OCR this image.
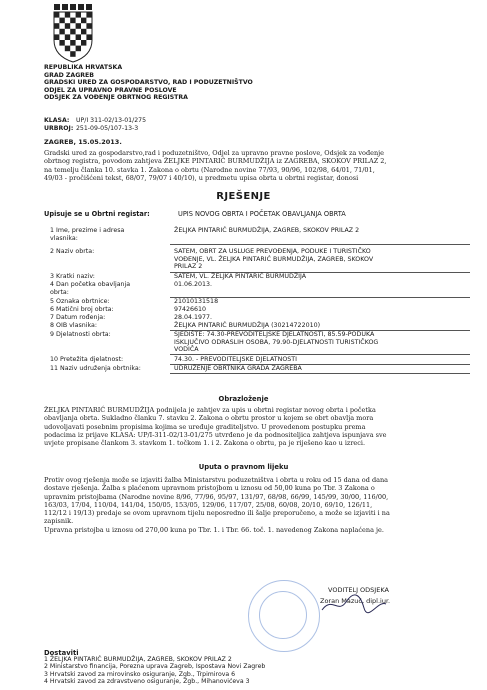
REPUBLIKA HRVATSKA
GRAD ZAGREB
GRADSKI URED ZA GOSPODARSTVO, RAD I PODUZETNIŠTVO
ODJEL ZA UPRAVNO PRAVNE POSLOVE
ODSJEK ZA VOĐENJE OBRTNOG REGISTRA
KLASA: UP/I 311-02/13-01/275
URBROJ: 251-09-05/107-13-3
ZAGREB, 15.05.2013.
Gradski ured za gospodarstvo,rad i poduzetništvo, Odjel za upravno pravne poslove, Odsjek za vođenje
obrtnog registra, povodom zahtjeva ŽELJKE PINTARIĆ BURMUDŽIJA iz ZAGREBA, SKOKOV PRILAZ 2,
na temelju članka 10. stavka 1. Zakona o obrtu (Narodne novine 77/93, 90/96, 102/98, 64/01, 71/01,
49/03 - pročišćeni tekst, 68/07, 79/07 i 40/10), u predmetu upisa obrta u obrtni registar, donosi
RJEŠENJE
Upisuje se u Obrtni registar:	UPIS NOVOG OBRTA I POČETAK OBAVLJANJA OBRTA
1 Ime, prezime i adresa
vlasnika:
ŽELJKA PINTARIĆ BURMUDŽIJA, ZAGREB, SKOKOV PRILAZ 2
2 Naziv obrta:	SATEM, OBRT ZA USLUGE PREVOĐENJA, PODUKE I TURISTIČKO
VOĐENJE, VL. ŽELJKA PINTARIĆ BURMUDŽIJA, ZAGREB, SKOKOV
PRILAZ 2
3 Kratki naziv:	SATEM, VL. ŽELJKA PINTARIĆ BURMUDŽIJA
4 Dan početka obavljanja
obrta:
01.06.2013.
5 Oznaka obrtnice:	21010131518
6 Matični broj obrta:	97426610
7 Datum rođenja:	28.04.1977.
8 OIB vlasnika:	ŽELJKA PINTARIĆ BURMUDŽIJA (30214722010)
9 Djelatnosti obrta:	SJEDIŠTE: 74.30-PREVODITELJSKE DJELATNOSTI, 85.59-PODUKA
ISKLJUČIVO ODRASLIH OSOBA, 79.90-DJELATNOSTI TURISTIČKOG
VODIČA
10 Pretežita djelatnost:	74.30. - PREVODITELJSKE DJELATNOSTI
11 Naziv udruženja obrtnika:	UDRUŽENJE OBRTNIKA GRADA ZAGREBA
Obrazloženje
ŽELJKA PINTARIĆ BURMUDŽIJA podnijela je zahtjev za upis u obrtni registar novog obrta i početka
obavljanja obrta. Sukladno članku 7. stavku 2. Zakona o obrtu prostor u kojem se obrt obavlja mora
udovoljavati posebnim propisima kojima se uređuje graditeljstvo. U provedenom postupku prema
podacima iz prijave KLASA: UP/I-311-02/13-01/275 utvrđeno je da podnositeljica zahtjeva ispunjava sve
uvjete propisane člankom 3. stavkom 1. točkom 1. i 2. Zakona o obrtu, pa je riješeno kao u izreci.
Uputa o pravnom lijeku
Protiv ovog rješenja može se izjaviti žalba Ministarstvu poduzetništva i obrta u roku od 15 dana od dana
dostave rješenja. Žalba s plaćenom upravnom pristojbom u iznosu od 50,00 kuna po Tbr. 3 Zakona o
upravnim pristojbama (Narodne novine 8/96, 77/96, 95/97, 131/97, 68/98, 66/99, 145/99, 30/00, 116/00,
163/03, 17/04, 110/04, 141/04, 150/05, 153/05, 129/06, 117/07, 25/08, 60/08, 20/10, 69/10, 126/11,
112/12 i 19/13) predaje se ovom upravnom tijelu neposredno ili šalje preporučeno, a može se izjaviti i na
zapisnik.
Upravna pristojba u iznosu od 270,00 kuna po Tbr. 1. i Tbr. 66. toč. 1. navedenog Zakona naplaćena je.
VODITELJ ODSJEKA
Zoran Mazuć, dipl.iur.
Dostaviti
1 ŽELJKA PINTARIĆ BURMUDŽIJA, ZAGREB, SKOKOV PRILAZ 2
2 Ministarstvo financija, Porezna uprava Zagreb, Ispostava Novi Zagreb
3 Hrvatski zavod za mirovinsko osiguranje, Zgb., Trpimirova 6
4 Hrvatski zavod za zdravstveno osiguranje, Zgb., Mihanovićeva 3
